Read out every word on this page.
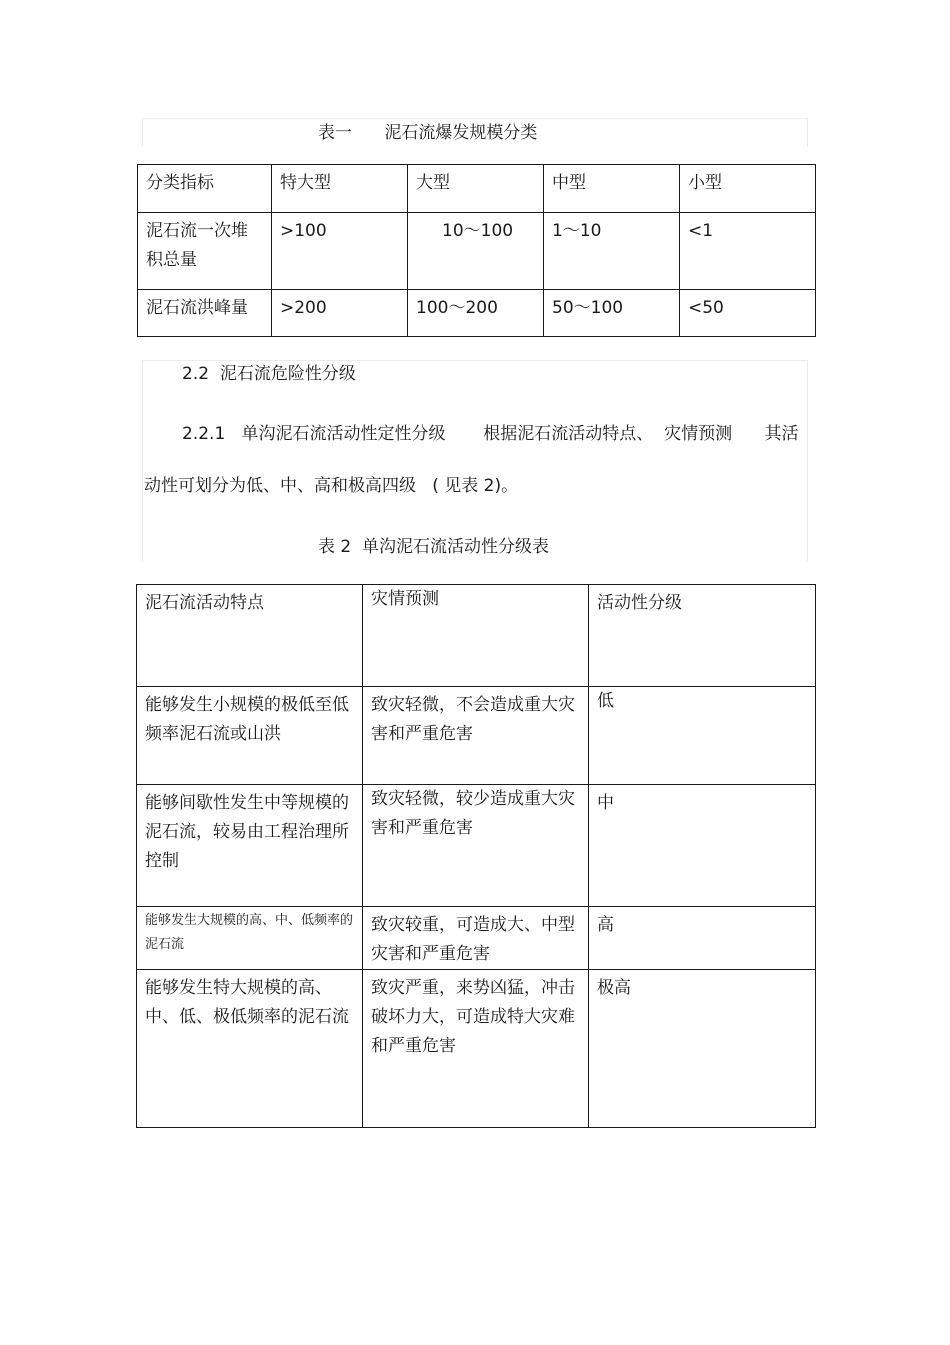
表一      泥石流爆发规模分类
分类指标	特大型	大型	中型	小型
泥石流一次堆积总量	>100	10～100	1～10	<1
泥石流洪峰量	>200	100～200	50～100	<50
2.2  泥石流危险性分级
2.2.1   单沟泥石流活动性定性分级       根据泥石流活动特点、  灾情预测      其活
动性可划分为低、中、高和极高四级   ( 见表 2)。
表 2  单沟泥石流活动性分级表
泥石流活动特点	灾情预测	活动性分级
能够发生小规模的极低至低频率泥石流或山洪	致灾轻微，不会造成重大灾害和严重危害	低
能够间歇性发生中等规模的泥石流，较易由工程治理所控制	致灾轻微，较少造成重大灾害和严重危害	中
能够发生大规模的高、中、低频率的泥石流	致灾较重，可造成大、中型灾害和严重危害	高
能够发生特大规模的高、中、低、极低频率的泥石流	致灾严重，来势凶猛，冲击破坏力大，可造成特大灾难和严重危害	极高
